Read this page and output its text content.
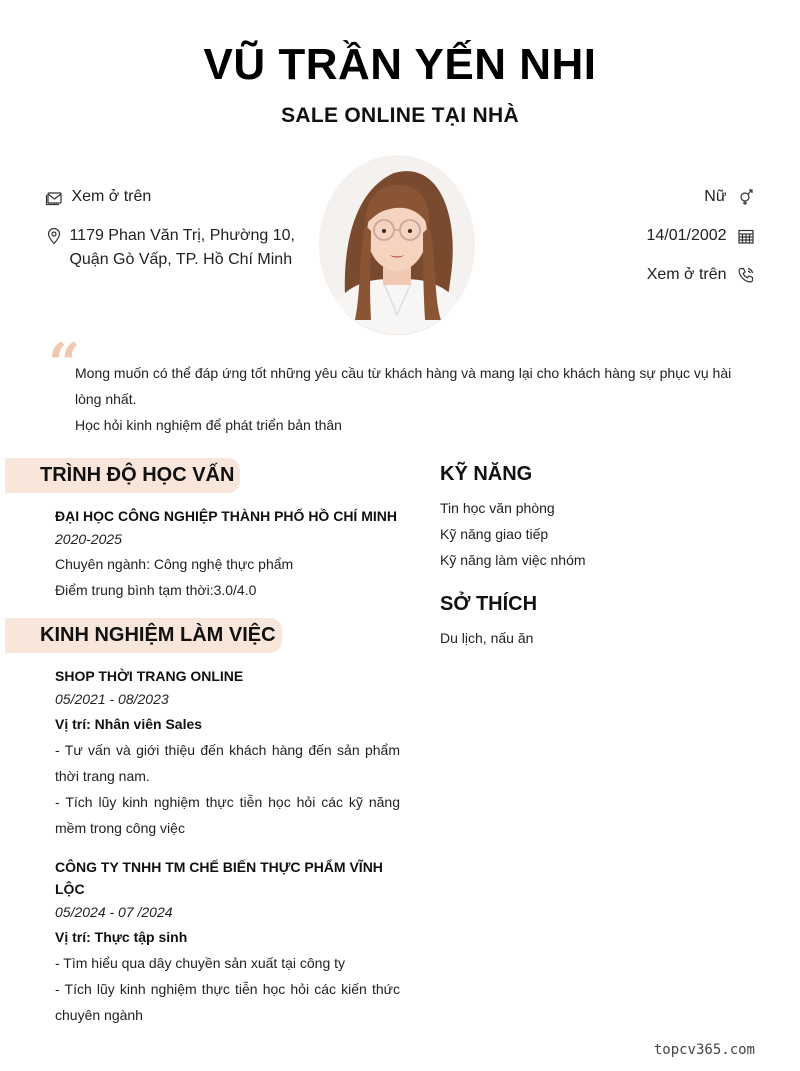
VŨ TRẦN YẾN NHI
SALE ONLINE TẠI NHÀ
Xem ở trên

1179 Phan Văn Trị, Phường 10,
Quận Gò Vấp, TP. Hồ Chí Minh
Nữ
14/01/2002
Xem ở trên
“
Mong muốn có thể đáp ứng tốt những yêu cầu từ khách hàng và mang lại cho khách hàng sự phục vụ hài lòng nhất.
Học hỏi kinh nghiệm để phát triển bản thân
TRÌNH ĐỘ HỌC VẤN
ĐẠI HỌC CÔNG NGHIỆP THÀNH PHỐ HỒ CHÍ MINH
2020-2025
Chuyên ngành: Công nghệ thực phẩm
Điểm trung bình tạm thời:3.0/4.0
KINH NGHIỆM LÀM VIỆC
SHOP THỜI TRANG ONLINE
05/2021 - 08/2023
Vị trí: Nhân viên Sales
- Tư vấn và giới thiệu đến khách hàng đến sản phẩm thời trang nam.
- Tích lũy kinh nghiệm thực tiễn học hỏi các kỹ năng mềm trong công việc
CÔNG TY TNHH TM CHẾ BIẾN THỰC PHẨM VĨNH LỘC
05/2024 - 07 /2024
Vị trí: Thực tập sinh
- Tìm hiểu qua dây chuyền sản xuất tại công ty
- Tích lũy kinh nghiệm thực tiễn học hỏi các kiến thức chuyên ngành
KỸ NĂNG
Tin học văn phòng
Kỹ năng giao tiếp
Kỹ năng làm việc nhóm
SỞ THÍCH
Du lịch, nấu ăn
topcv365.com
